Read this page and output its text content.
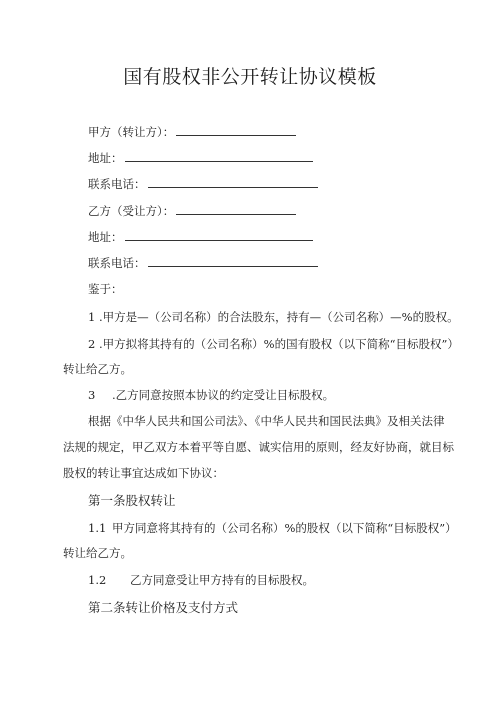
国有股权非公开转让协议模板
甲方（转让方）：
地址：
联系电话：
乙方（受让方）：
地址：
联系电话：
鉴于：
1 .甲方是—（公司名称）的合法股东，持有—（公司名称）—%的股权。
2 .甲方拟将其持有的（公司名称）%的国有股权（以下简称“目标股权”）
转让给乙方。
3 .乙方同意按照本协议的约定受让目标股权。
根据《中华人民共和国公司法》、《中华人民共和国民法典》及相关法律
法规的规定，甲乙双方本着平等自愿、诚实信用的原则，经友好协商，就目标
股权的转让事宜达成如下协议：
第一条股权转让
1.1 甲方同意将其持有的（公司名称）%的股权（以下简称“目标股权”）
转让给乙方。
1.2 乙方同意受让甲方持有的目标股权。
第二条转让价格及支付方式
